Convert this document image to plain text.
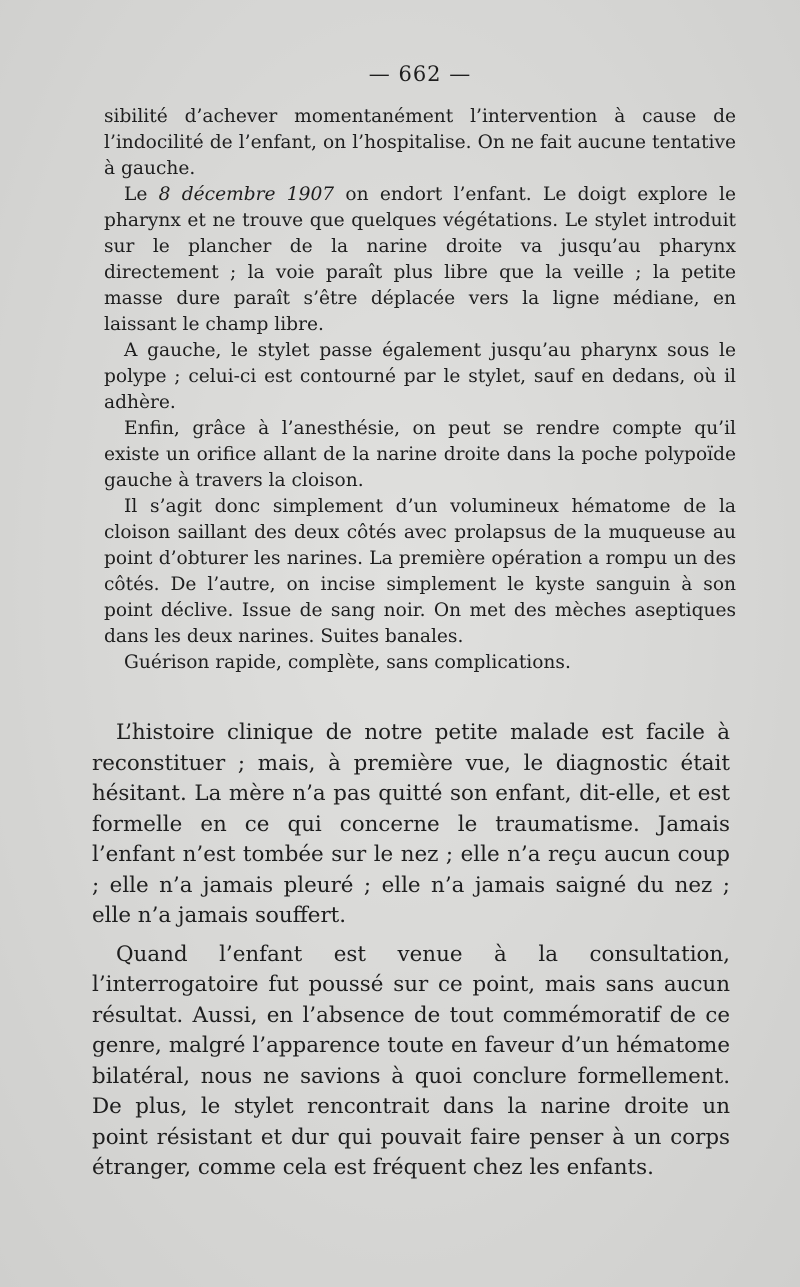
— 662 —

sibilité d’achever momentanément l’intervention à cause de l’indocilité de l’enfant, on l’hospitalise. On ne fait aucune tentative à gauche.

Le 8 décembre 1907 on endort l’enfant. Le doigt explore le pharynx et ne trouve que quelques végétations. Le stylet introduit sur le plancher de la narine droite va jusqu’au pharynx directement ; la voie paraît plus libre que la veille ; la petite masse dure paraît s’être déplacée vers la ligne médiane, en laissant le champ libre.

A gauche, le stylet passe également jusqu’au pharynx sous le polype ; celui-ci est contourné par le stylet, sauf en dedans, où il adhère.

Enfin, grâce à l’anesthésie, on peut se rendre compte qu’il existe un orifice allant de la narine droite dans la poche polypoïde gauche à travers la cloison.

Il s’agit donc simplement d’un volumineux hématome de la cloison saillant des deux côtés avec prolapsus de la muqueuse au point d’obturer les narines. La première opération a rompu un des côtés. De l’autre, on incise simplement le kyste sanguin à son point déclive. Issue de sang noir. On met des mèches aseptiques dans les deux narines. Suites banales.

Guérison rapide, complète, sans complications.

L’histoire clinique de notre petite malade est facile à reconstituer ; mais, à première vue, le diagnostic était hésitant. La mère n’a pas quitté son enfant, dit-elle, et est formelle en ce qui concerne le traumatisme. Jamais l’enfant n’est tombée sur le nez ; elle n’a reçu aucun coup ; elle n’a jamais pleuré ; elle n’a jamais saigné du nez ; elle n’a jamais souffert.

Quand l’enfant est venue à la consultation, l’interrogatoire fut poussé sur ce point, mais sans aucun résultat. Aussi, en l’absence de tout commémoratif de ce genre, malgré l’apparence toute en faveur d’un hématome bilatéral, nous ne savions à quoi conclure formellement. De plus, le stylet rencontrait dans la narine droite un point résistant et dur qui pouvait faire penser à un corps étranger, comme cela est fréquent chez les enfants.
